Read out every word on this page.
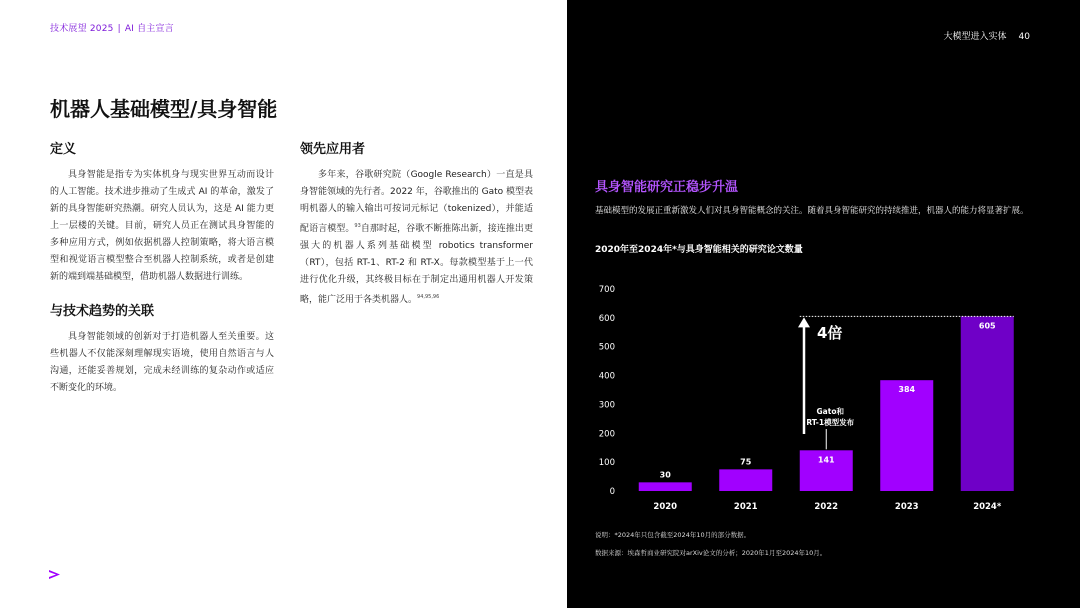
技术展望 2025 | AI 自主宣言
机器人基础模型/具身智能
定义

具身智能是指专为实体机身与现实世界互动而设计的人工智能。技术进步推动了生成式 AI 的革命，激发了新的具身智能研究热潮。研究人员认为，这是 AI 能力更上一层楼的关键。目前，研究人员正在测试具身智能的多种应用方式，例如依据机器人控制策略，将大语言模型和视觉语言模型整合至机器人控制系统，或者是创建新的端到端基础模型，借助机器人数据进行训练。

与技术趋势的关联

具身智能领域的创新对于打造机器人至关重要。这些机器人不仅能深刻理解现实语境，使用自然语言与人沟通，还能妥善规划，完成未经训练的复杂动作或适应不断变化的环境。

领先应用者

多年来，谷歌研究院（Google Research）一直是具身智能领域的先行者。2022 年，谷歌推出的 Gato 模型表明机器人的输入输出可按词元标记（tokenized），并能适配语言模型。$^{93}$自那时起，谷歌不断推陈出新，接连推出更强大的机器人系列基础模型 robotics transformer（RT），包括 RT-1、RT-2 和 RT-X。每款模型基于上一代进行优化升级，其终极目标在于制定出通用机器人开发策略，能广泛用于各类机器人。$^{94,95,96}$

大模型进入实体 40
具身智能研究正稳步升温
基础模型的发展正重新激发人们对具身智能概念的关注。随着具身智能研究的持续推进，机器人的能力将显著扩展。
2020年至2024年*与具身智能相关的研究论文数量
0
100
200
300
400
500
600
700
30
2020
75
2021
141
2022
384
2023
605
2024*
4倍
Gato和
RT-1模型发布
说明：*2024年只包含截至2024年10月的部分数据。
数据来源：埃森哲商业研究院对arXiv论文的分析；2020年1月至2024年10月。
